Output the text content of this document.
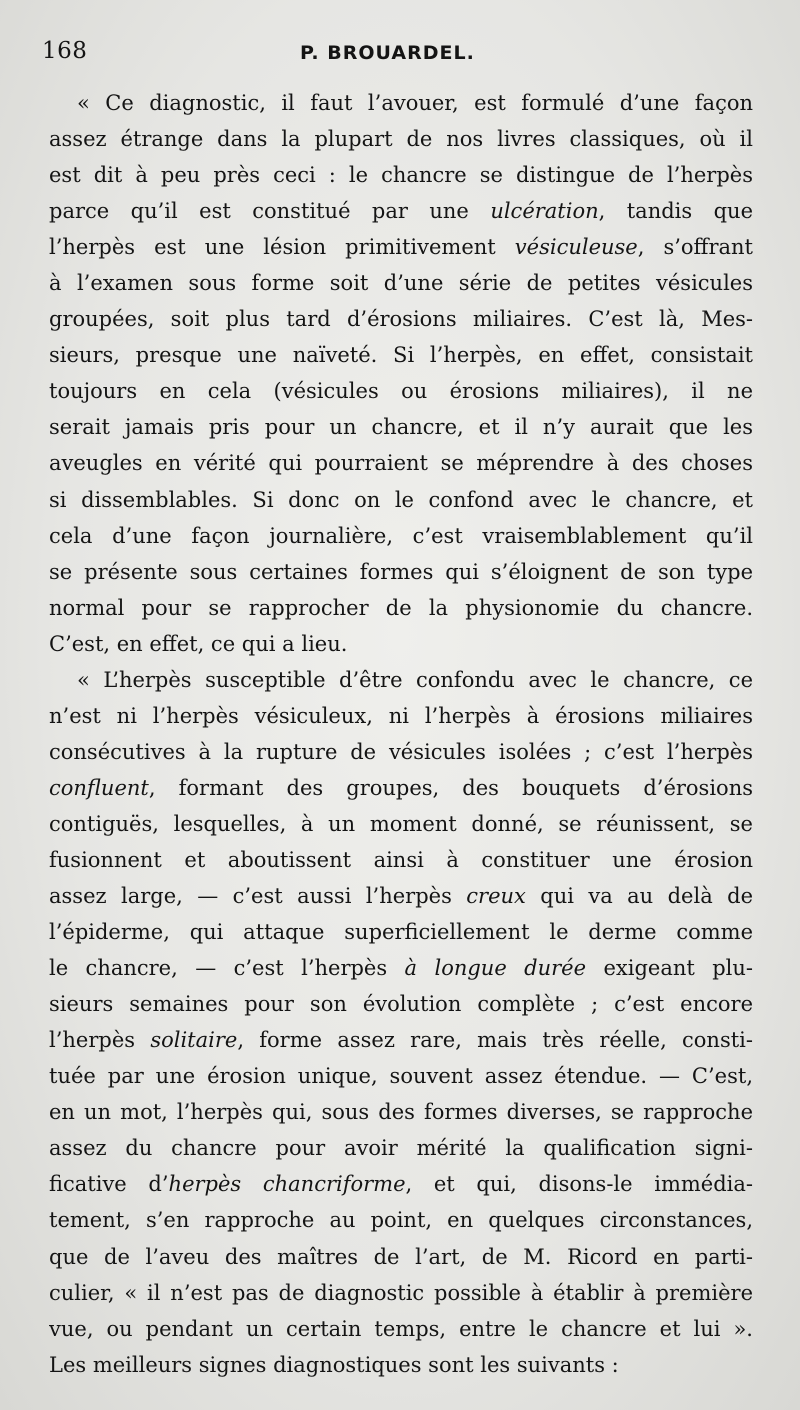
168	P. BROUARDEL.
« Ce diagnostic, il faut l’avouer, est formulé d’une façon
assez étrange dans la plupart de nos livres classiques, où il
est dit à peu près ceci : le chancre se distingue de l’herpès
parce qu’il est constitué par une ulcération, tandis que
l’herpès est une lésion primitivement vésiculeuse, s’offrant
à l’examen sous forme soit d’une série de petites vésicules
groupées, soit plus tard d’érosions miliaires. C’est là, Mes-
sieurs, presque une naïveté. Si l’herpès, en effet, consistait
toujours en cela (vésicules ou érosions miliaires), il ne
serait jamais pris pour un chancre, et il n’y aurait que les
aveugles en vérité qui pourraient se méprendre à des choses
si dissemblables. Si donc on le confond avec le chancre, et
cela d’une façon journalière, c’est vraisemblablement qu’il
se présente sous certaines formes qui s’éloignent de son type
normal pour se rapprocher de la physionomie du chancre.
C’est, en effet, ce qui a lieu.
« L’herpès susceptible d’être confondu avec le chancre, ce
n’est ni l’herpès vésiculeux, ni l’herpès à érosions miliaires
consécutives à la rupture de vésicules isolées ; c’est l’herpès
confluent, formant des groupes, des bouquets d’érosions
contiguës, lesquelles, à un moment donné, se réunissent, se
fusionnent et aboutissent ainsi à constituer une érosion
assez large, — c’est aussi l’herpès creux qui va au delà de
l’épiderme, qui attaque superficiellement le derme comme
le chancre, — c’est l’herpès à longue durée exigeant plu-
sieurs semaines pour son évolution complète ; c’est encore
l’herpès solitaire, forme assez rare, mais très réelle, consti-
tuée par une érosion unique, souvent assez étendue. — C’est,
en un mot, l’herpès qui, sous des formes diverses, se rapproche
assez du chancre pour avoir mérité la qualification signi-
ficative d’herpès chancriforme, et qui, disons-le immédia-
tement, s’en rapproche au point, en quelques circonstances,
que de l’aveu des maîtres de l’art, de M. Ricord en parti-
culier, « il n’est pas de diagnostic possible à établir à première
vue, ou pendant un certain temps, entre le chancre et lui ».
Les meilleurs signes diagnostiques sont les suivants :
